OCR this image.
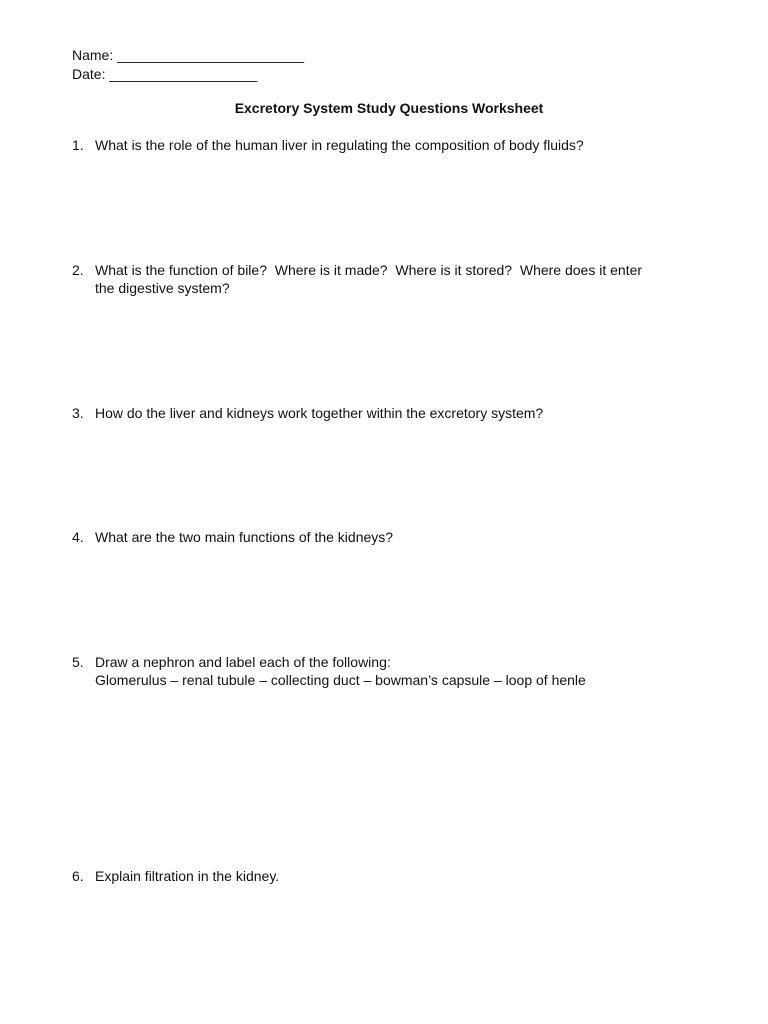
Name: ________________________
Date: ___________________
Excretory System Study Questions Worksheet
1. What is the role of the human liver in regulating the composition of body fluids?
2. What is the function of bile?  Where is it made?  Where is it stored?  Where does it enter
the digestive system?
3. How do the liver and kidneys work together within the excretory system?
4. What are the two main functions of the kidneys?
5. Draw a nephron and label each of the following:
Glomerulus – renal tubule – collecting duct – bowman’s capsule – loop of henle
6. Explain filtration in the kidney.
